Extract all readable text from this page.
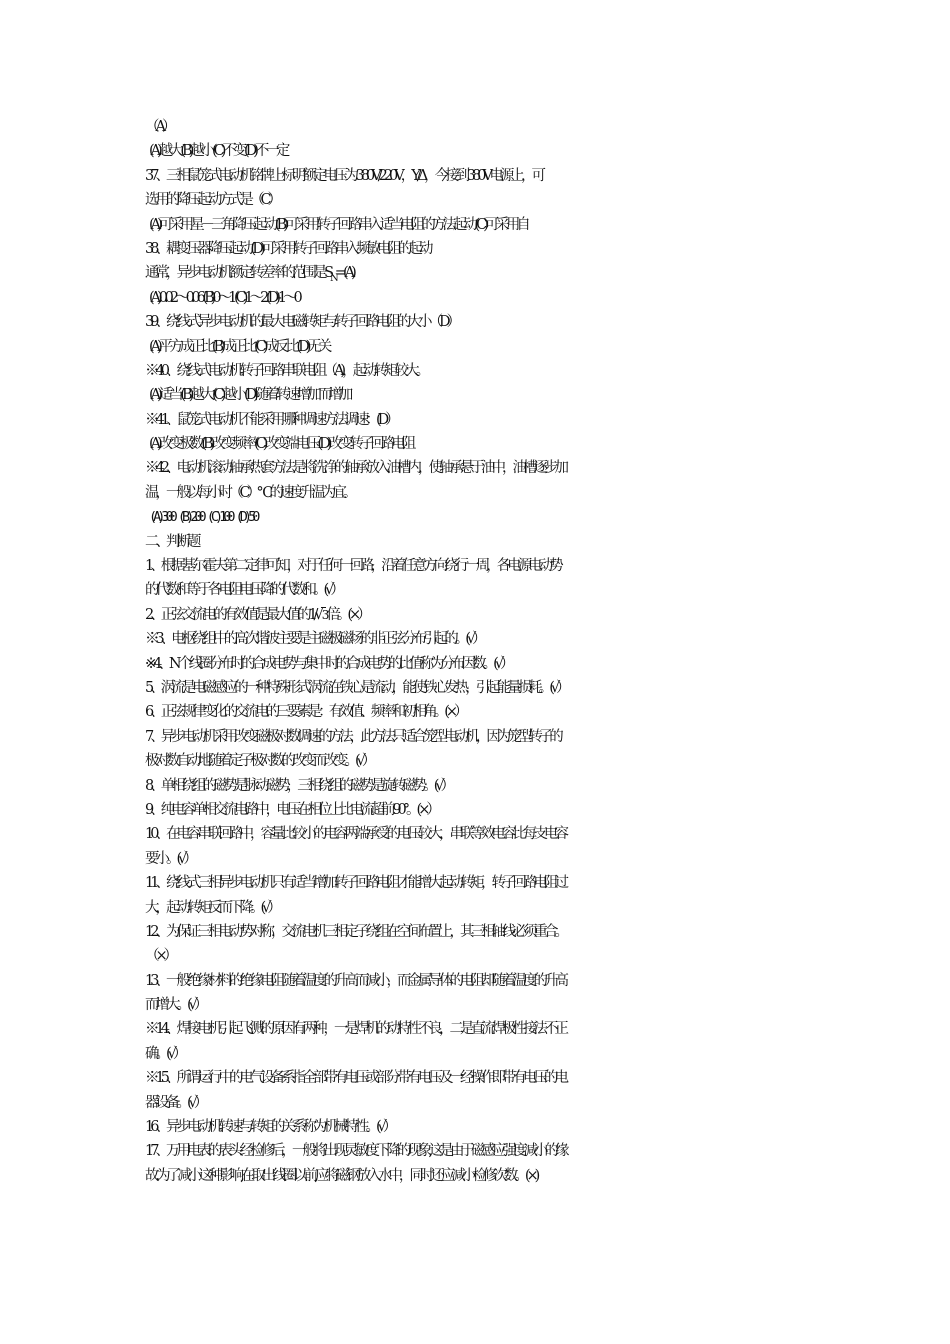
（A）
(A)越大 (B)越小 (C)不变 (D)不一定
37、三相鼠笼式电动机铭牌上标明额定电压为 380V/220V，Y/Δ，今接到 380V 电源上，可
选用的降压起动方式是（C）
(A)可采用星－三角降压起动 (B)可采用转子回路串入适当电阻的方法起动 (C)可采用自
38、耦变压器降压起动 (D)可采用转子回路串入频敏电阻的起动
通常，异步电动机额定转差率的范围是 $S_N=(A)$
(A)0.02～0.06 (B)0～1 (C)1～2 (D)-1～0
39、绕线式异步电动机的最大电磁转矩与转子回路电阻的大小（D）
(A)平方成正比 (B)成正比 (C)成反比 (D)无关
※40、绕线式电动机转子回路串联电阻（A)，起动转矩较大。
(A)适当 (B)越大 (C)越小 (D)随着转速增加而增加
※41、鼠笼式电动机不能采用哪种调速方法调速：(D）
(A)改变极数 (B)改变频率 (C)改变端电压 (D)改变转子回路电阻
※42、电动机滚动轴承热套方法是将洗净的轴承放入油槽内，使轴承悬于油中，油槽逐步加
温，一般以每小时（C）℃的速度升温为宜。
(A)300 (B)200 (C)100 (D)50
二、判断题
1、根据基尔霍夫第二定律可知，对于任何一回路，沿着任意方向绕行一周，各电源电动势
的代数和等于各电阻电压降的代数和。(√）
2、正弦交流电的有效值是最大值的 1/√ 3倍。(×）
※3、电枢绕组中的高次谐波主要是主磁极磁场的非正弦分布引起的。(√）
※4、N 个线圈分布时的合成电势与集中时的合成电势的比值称为分布因数。(√）
5、涡流是电磁感应的一种特殊形式涡流在铁心是流动，能使铁心发热，引起能量损耗。(√）
6、正弦规律变化的交流电的三要素是：有效值、频率和初相角。(×）
7、异步电动机采用改变磁极对数调速的方法，此方法只适合笼型电动机，因为笼型转子的
极对数自动地随着定子极对数的改变而改变。(√）
8、单相绕组的磁势是脉动磁势，三相绕组的磁势是旋转磁势。(√）
9、纯电容单相交流电路中，电压在相位上比电流超前 90°。(×）
10、在电容串联回路中，容量比较小的电容两端承受的电压较大，串联等效电容比每支电容
要小。(√）
11、绕线式三相异步电动机只有适当增加转子回路电阻才能增大起动转矩，转子回路电阻过
大，起动转矩反而下降。(√）
12、为保证三相电动势对称，交流电机三相定子绕组在空间布置上，其三相轴线必须重合。
（×）
13、一般绝缘材料的绝缘电阻随着温度的升高而减小，而金属导体的电阻却随着温度的升高
而增大。(√）
※14、焊接电机引起飞溅的原因有两种，一是焊机的动特性不良，二是直流焊极性接法不正
确。(√）
※15、所谓运行中的电气设备系指全部带有电压或部分带有电压及一经操作即带有电压的电
器设备。(√）
16、异步电动机转速与转矩的关系称为机械特性。(√）
17、万用电表的表头经检修后，一般将出现灵敏度下降的现象,这是由于磁感应强度减小的缘
故.为了减小这种影响,在取出线圈以前,应将磁钢放入水中，同时还应减小检修次数。(×)
